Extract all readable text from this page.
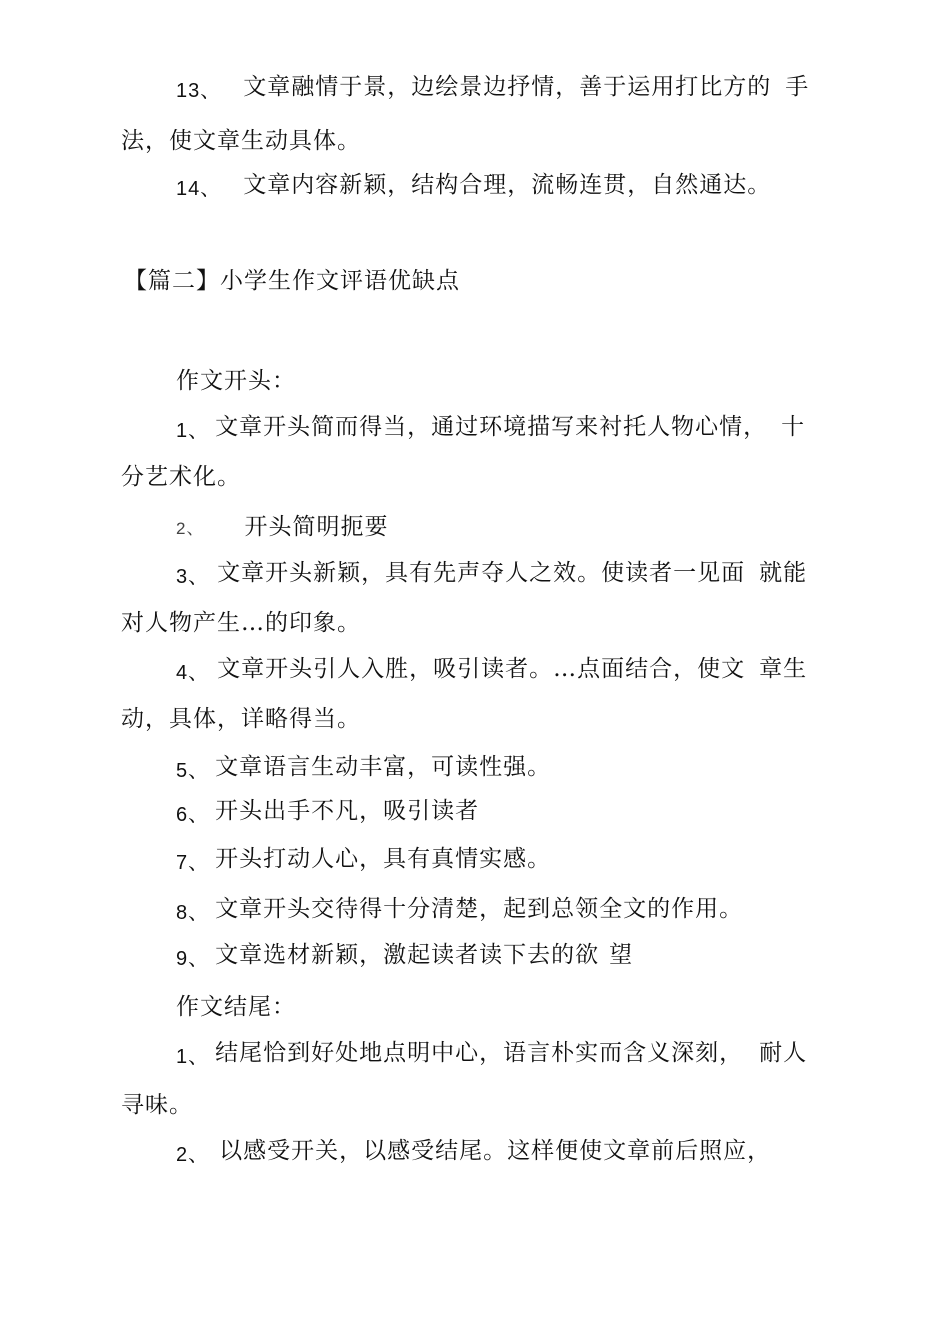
13、 文章融情于景，边绘景边抒情，善于运用打比方的 手
法，使文章生动具体。
14、 文章内容新颖，结构合理，流畅连贯，自然通达。
【篇二】小学生作文评语优缺点
作文开头：
1、 文章开头简而得当，通过环境描写来衬托人物心情， 十
分艺术化。
2、 开头简明扼要
3、 文章开头新颖，具有先声夺人之效。使读者一见面 就能
对人物产生…的印象。
4、 文章开头引人入胜，吸引读者。…点面结合，使文 章生
动，具体，详略得当。
5、 文章语言生动丰富，可读性强。
6、 开头出手不凡，吸引读者
7、 开头打动人心，具有真情实感。
8、 文章开头交待得十分清楚，起到总领全文的作用。
9、 文章选材新颖，激起读者读下去的欲 望
作文结尾：
1、 结尾恰到好处地点明中心，语言朴实而含义深刻， 耐人
寻味。
2、 以感受开关，以感受结尾。这样便使文章前后照应，
